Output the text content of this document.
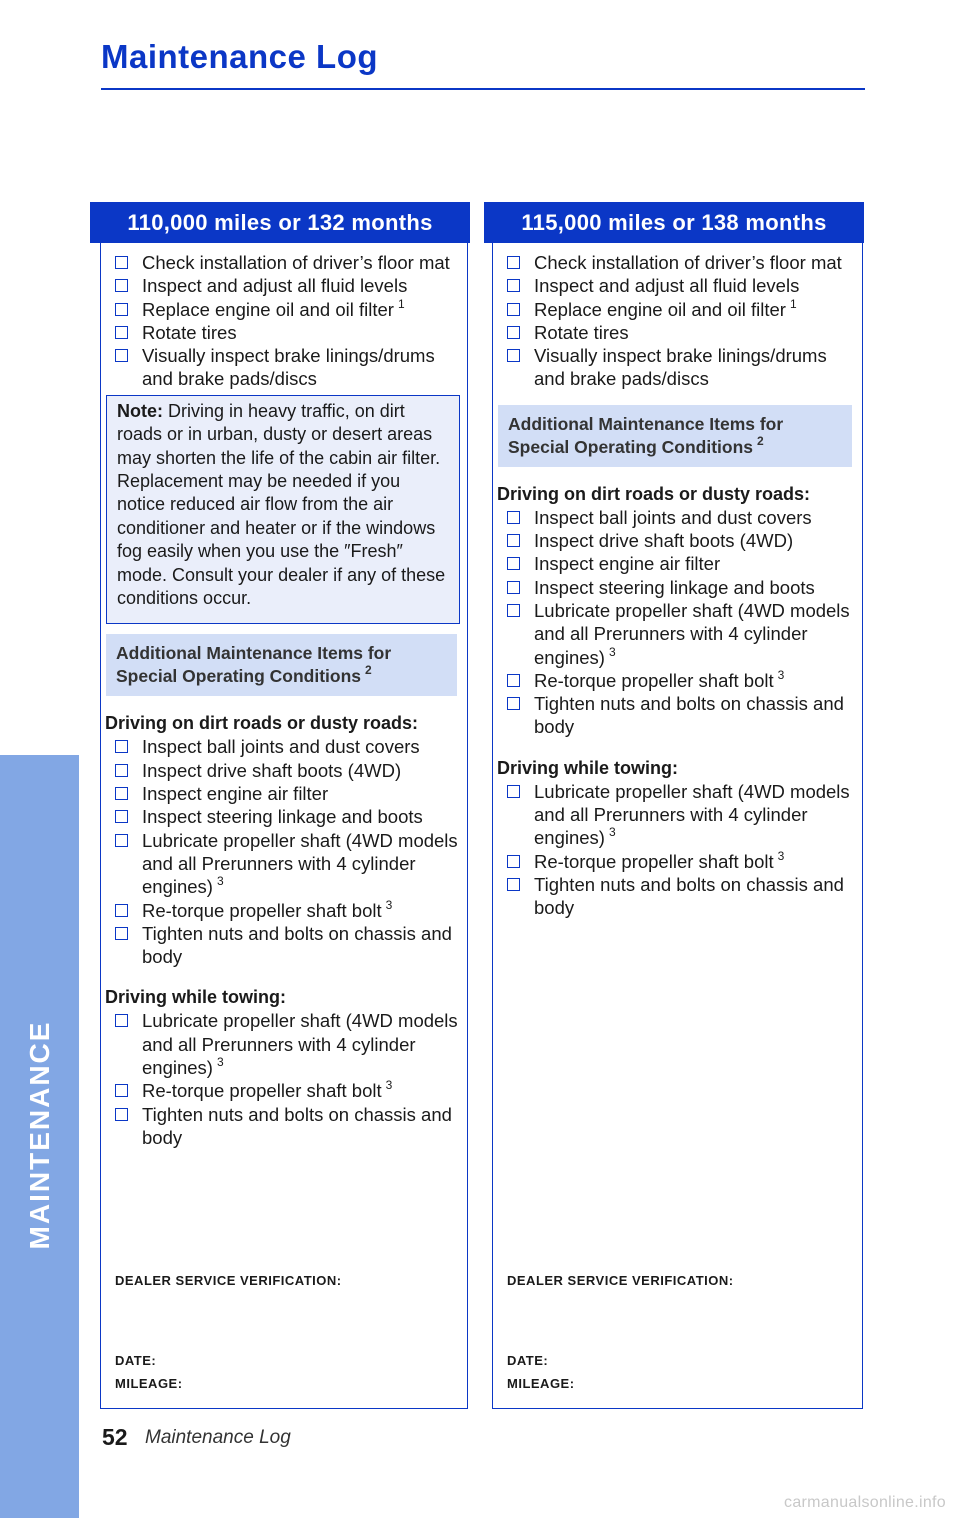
Maintenance Log
MAINTENANCE
110,000 miles or 132 months
Check installation of driver’s floor mat
Inspect and adjust all fluid levels
Replace engine oil and oil filter $^1$
Rotate tires
Visually inspect brake linings/drums and brake pads/discs
Note: Driving in heavy traffic, on dirt roads or in urban, dusty or desert areas may shorten the life of the cabin air filter. Replacement may be needed if you notice reduced air flow from the air conditioner and heater or if the windows fog easily when you use the ″Fresh″ mode. Consult your dealer if any of these conditions occur.
Additional Maintenance Items for Special Operating Conditions $^2$
Driving on dirt roads or dusty roads:
Inspect ball joints and dust covers
Inspect drive shaft boots (4WD)
Inspect engine air filter
Inspect steering linkage and boots
Lubricate propeller shaft (4WD models and all Prerunners with 4 cylinder engines) $^3$
Re-torque propeller shaft bolt $^3$
Tighten nuts and bolts on chassis and body
Driving while towing:
Lubricate propeller shaft (4WD models and all Prerunners with 4 cylinder engines) $^3$
Re-torque propeller shaft bolt $^3$
Tighten nuts and bolts on chassis and body
DEALER SERVICE VERIFICATION:
DATE:
MILEAGE:
115,000 miles or 138 months
Check installation of driver’s floor mat
Inspect and adjust all fluid levels
Replace engine oil and oil filter $^1$
Rotate tires
Visually inspect brake linings/drums and brake pads/discs
Additional Maintenance Items for Special Operating Conditions $^2$
Driving on dirt roads or dusty roads:
Inspect ball joints and dust covers
Inspect drive shaft boots (4WD)
Inspect engine air filter
Inspect steering linkage and boots
Lubricate propeller shaft (4WD models and all Prerunners with 4 cylinder engines) $^3$
Re-torque propeller shaft bolt $^3$
Tighten nuts and bolts on chassis and body
Driving while towing:
Lubricate propeller shaft (4WD models and all Prerunners with 4 cylinder engines) $^3$
Re-torque propeller shaft bolt $^3$
Tighten nuts and bolts on chassis and body
DEALER SERVICE VERIFICATION:
DATE:
MILEAGE:
52 Maintenance Log
carmanualsonline.info
